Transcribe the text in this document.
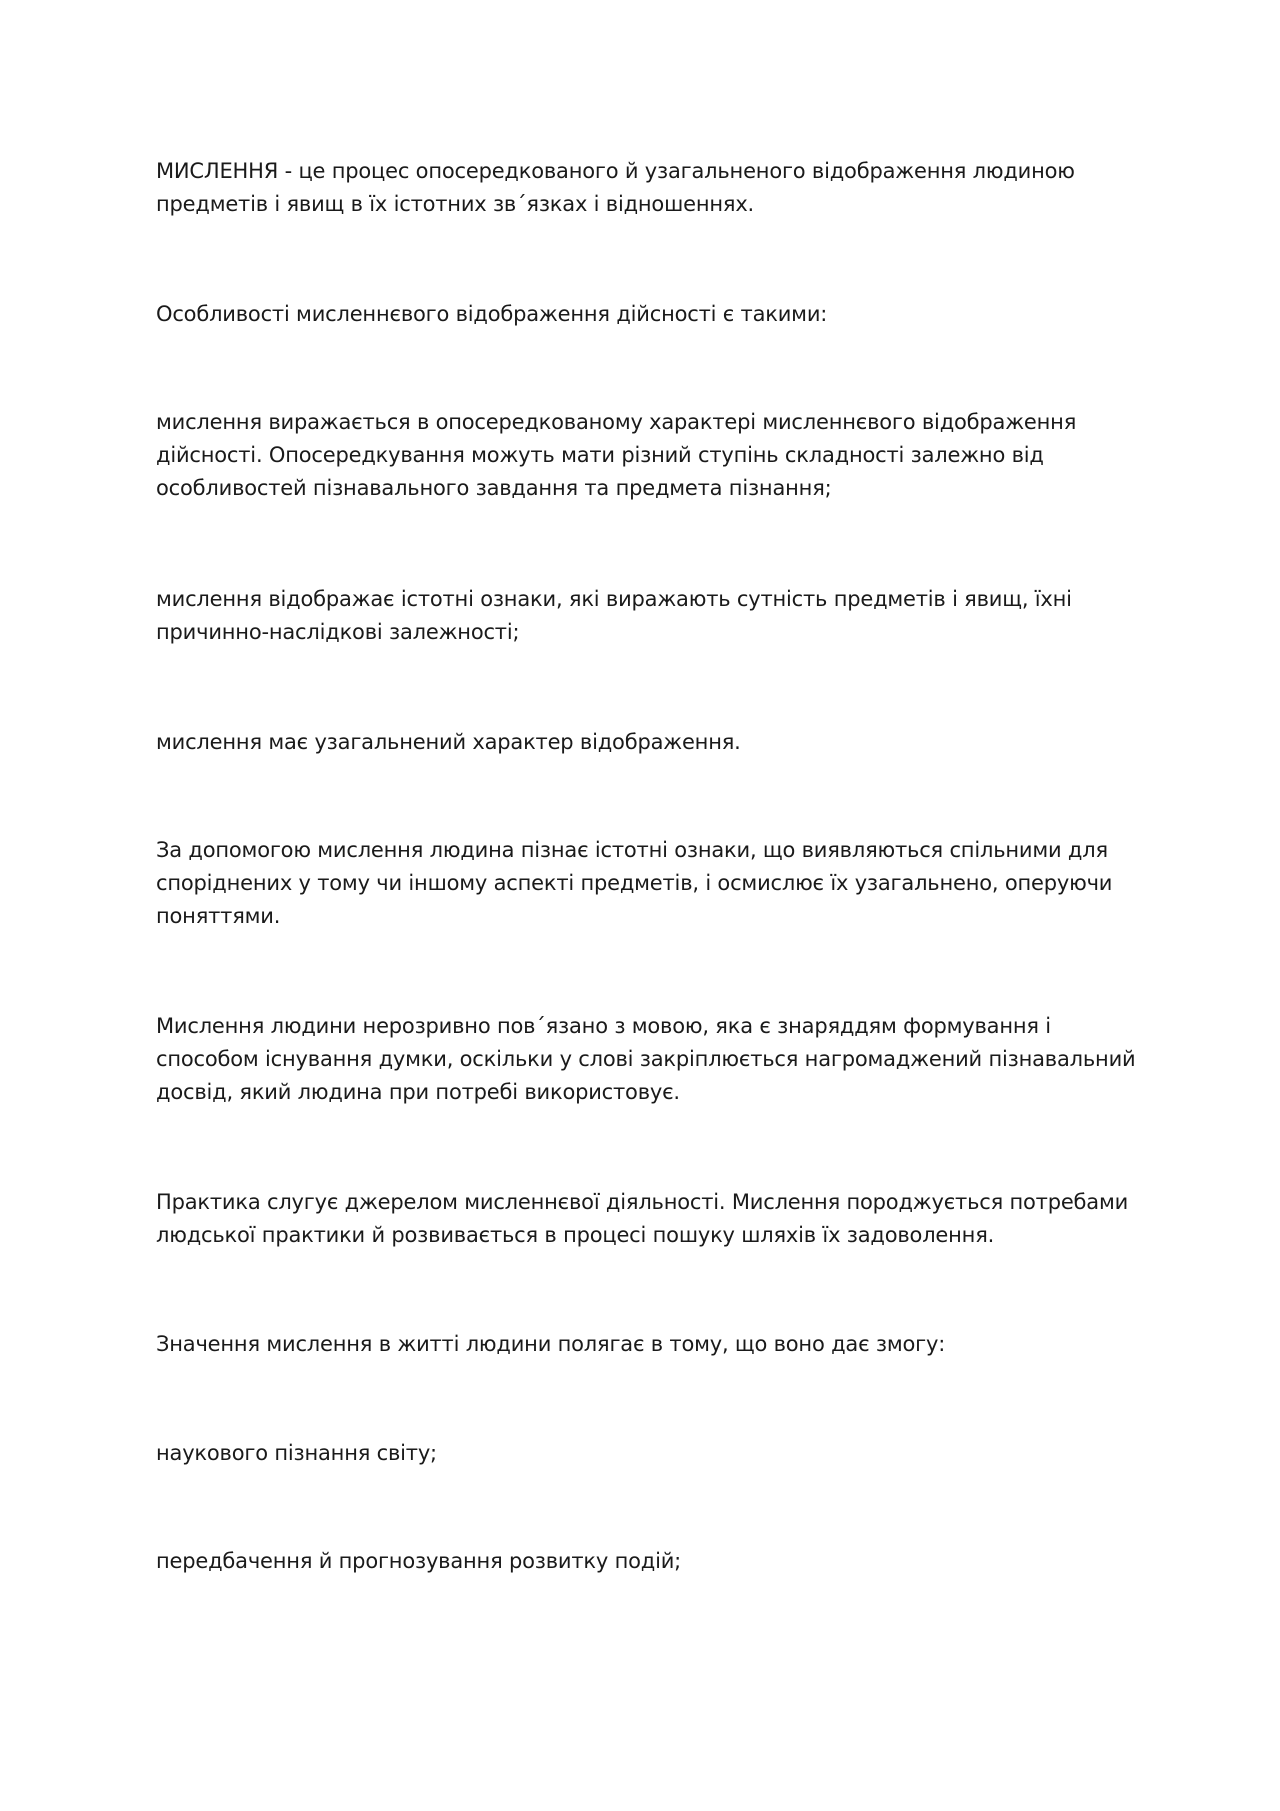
МИСЛЕННЯ - це процес опосередкованого й узагальненого відображення людиною предметів і явищ в їх істотних зв´язках і відношеннях.

Особливості мисленнєвого відображення дійсності є такими:

мислення виражається в опосередкованому характері мисленнєвого відображення дійсності. Опосередкування можуть мати різний ступінь складності залежно від особливостей пізнавального завдання та предмета пізнання;

мислення відображає істотні ознаки, які виражають сутність предметів і явищ, їхні причинно-наслідкові залежності;

мислення має узагальнений характер відображення.

За допомогою мислення людина пізнає істотні ознаки, що виявляються спільними для споріднених у тому чи іншому аспекті предметів, і осмислює їх узагальнено, оперуючи поняттями.

Мислення людини нерозривно пов´язано з мовою, яка є знаряддям формування і способом існування думки, оскільки у слові закріплюється нагромаджений пізнавальний досвід, який людина при потребі використовує.

Практика слугує джерелом мисленнєвої діяльності. Мислення породжується потребами людської практики й розвивається в процесі пошуку шляхів їх задоволення.

Значення мислення в житті людини полягає в тому, що воно дає змогу:

наукового пізнання світу;

передбачення й прогнозування розвитку подій;
